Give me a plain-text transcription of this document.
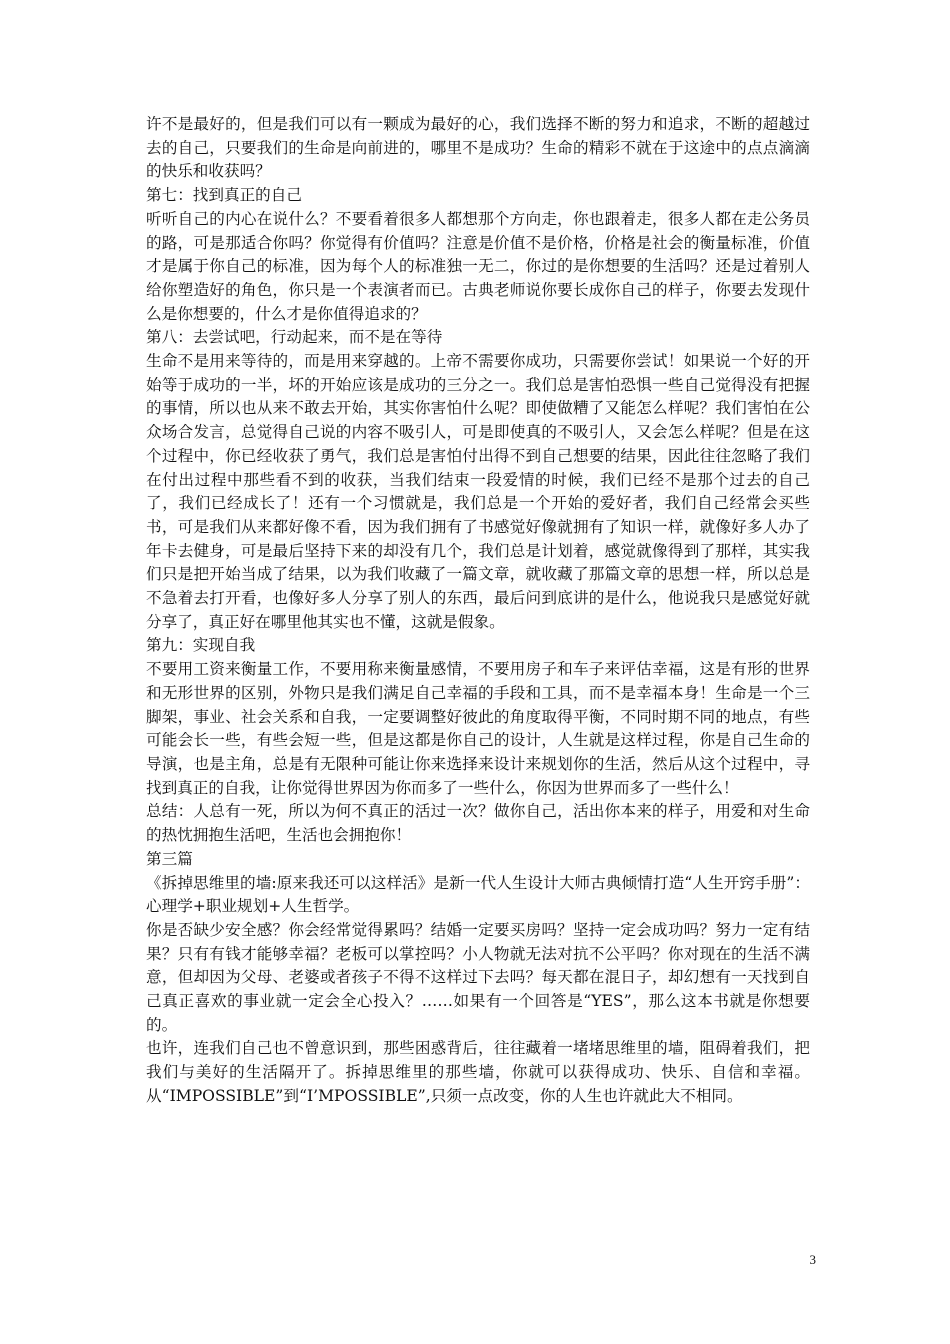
许不是最好的，但是我们可以有一颗成为最好的心，我们选择不断的努力和追求，不断的超越过去的自己，只要我们的生命是向前进的，哪里不是成功？生命的精彩不就在于这途中的点点滴滴的快乐和收获吗？

第七：找到真正的自己

听听自己的内心在说什么？不要看着很多人都想那个方向走，你也跟着走，很多人都在走公务员的路，可是那适合你吗？你觉得有价值吗？注意是价值不是价格，价格是社会的衡量标准，价值才是属于你自己的标准，因为每个人的标准独一无二，你过的是你想要的生活吗？还是过着别人给你塑造好的角色，你只是一个表演者而已。古典老师说你要长成你自己的样子，你要去发现什么是你想要的，什么才是你值得追求的？

第八：去尝试吧，行动起来，而不是在等待

生命不是用来等待的，而是用来穿越的。上帝不需要你成功，只需要你尝试！如果说一个好的开始等于成功的一半，坏的开始应该是成功的三分之一。我们总是害怕恐惧一些自己觉得没有把握的事情，所以也从来不敢去开始，其实你害怕什么呢？即使做糟了又能怎么样呢？我们害怕在公众场合发言，总觉得自己说的内容不吸引人，可是即使真的不吸引人，又会怎么样呢？但是在这个过程中，你已经收获了勇气，我们总是害怕付出得不到自己想要的结果，因此往往忽略了我们在付出过程中那些看不到的收获，当我们结束一段爱情的时候，我们已经不是那个过去的自己了，我们已经成长了！还有一个习惯就是，我们总是一个开始的爱好者，我们自己经常会买些书，可是我们从来都好像不看，因为我们拥有了书感觉好像就拥有了知识一样，就像好多人办了年卡去健身，可是最后坚持下来的却没有几个，我们总是计划着，感觉就像得到了那样，其实我们只是把开始当成了结果，以为我们收藏了一篇文章，就收藏了那篇文章的思想一样，所以总是不急着去打开看，也像好多人分享了别人的东西，最后问到底讲的是什么，他说我只是感觉好就分享了，真正好在哪里他其实也不懂，这就是假象。

第九：实现自我

不要用工资来衡量工作，不要用称来衡量感情，不要用房子和车子来评估幸福，这是有形的世界和无形世界的区别，外物只是我们满足自己幸福的手段和工具，而不是幸福本身！生命是一个三脚架，事业、社会关系和自我，一定要调整好彼此的角度取得平衡，不同时期不同的地点，有些可能会长一些，有些会短一些，但是这都是你自己的设计，人生就是这样过程，你是自己生命的导演，也是主角，总是有无限种可能让你来选择来设计来规划你的生活，然后从这个过程中，寻找到真正的自我，让你觉得世界因为你而多了一些什么，你因为世界而多了一些什么！

总结：人总有一死，所以为何不真正的活过一次？做你自己，活出你本来的样子，用爱和对生命的热忱拥抱生活吧，生活也会拥抱你！

第三篇

《拆掉思维里的墙:原来我还可以这样活》是新一代人生设计大师古典倾情打造“人生开窍手册”：心理学+职业规划+人生哲学。

你是否缺少安全感？你会经常觉得累吗？结婚一定要买房吗？坚持一定会成功吗？努力一定有结果？只有有钱才能够幸福？老板可以掌控吗？小人物就无法对抗不公平吗？你对现在的生活不满意，但却因为父母、老婆或者孩子不得不这样过下去吗？每天都在混日子，却幻想有一天找到自己真正喜欢的事业就一定会全心投入？……如果有一个回答是“YES”，那么这本书就是你想要的。

也许，连我们自己也不曾意识到，那些困惑背后，往往藏着一堵堵思维里的墙，阻碍着我们，把我们与美好的生活隔开了。拆掉思维里的那些墙，你就可以获得成功、快乐、自信和幸福。从“IMPOSSIBLE”到“I’MPOSSIBLE”,只须一点改变，你的人生也许就此大不相同。

3
